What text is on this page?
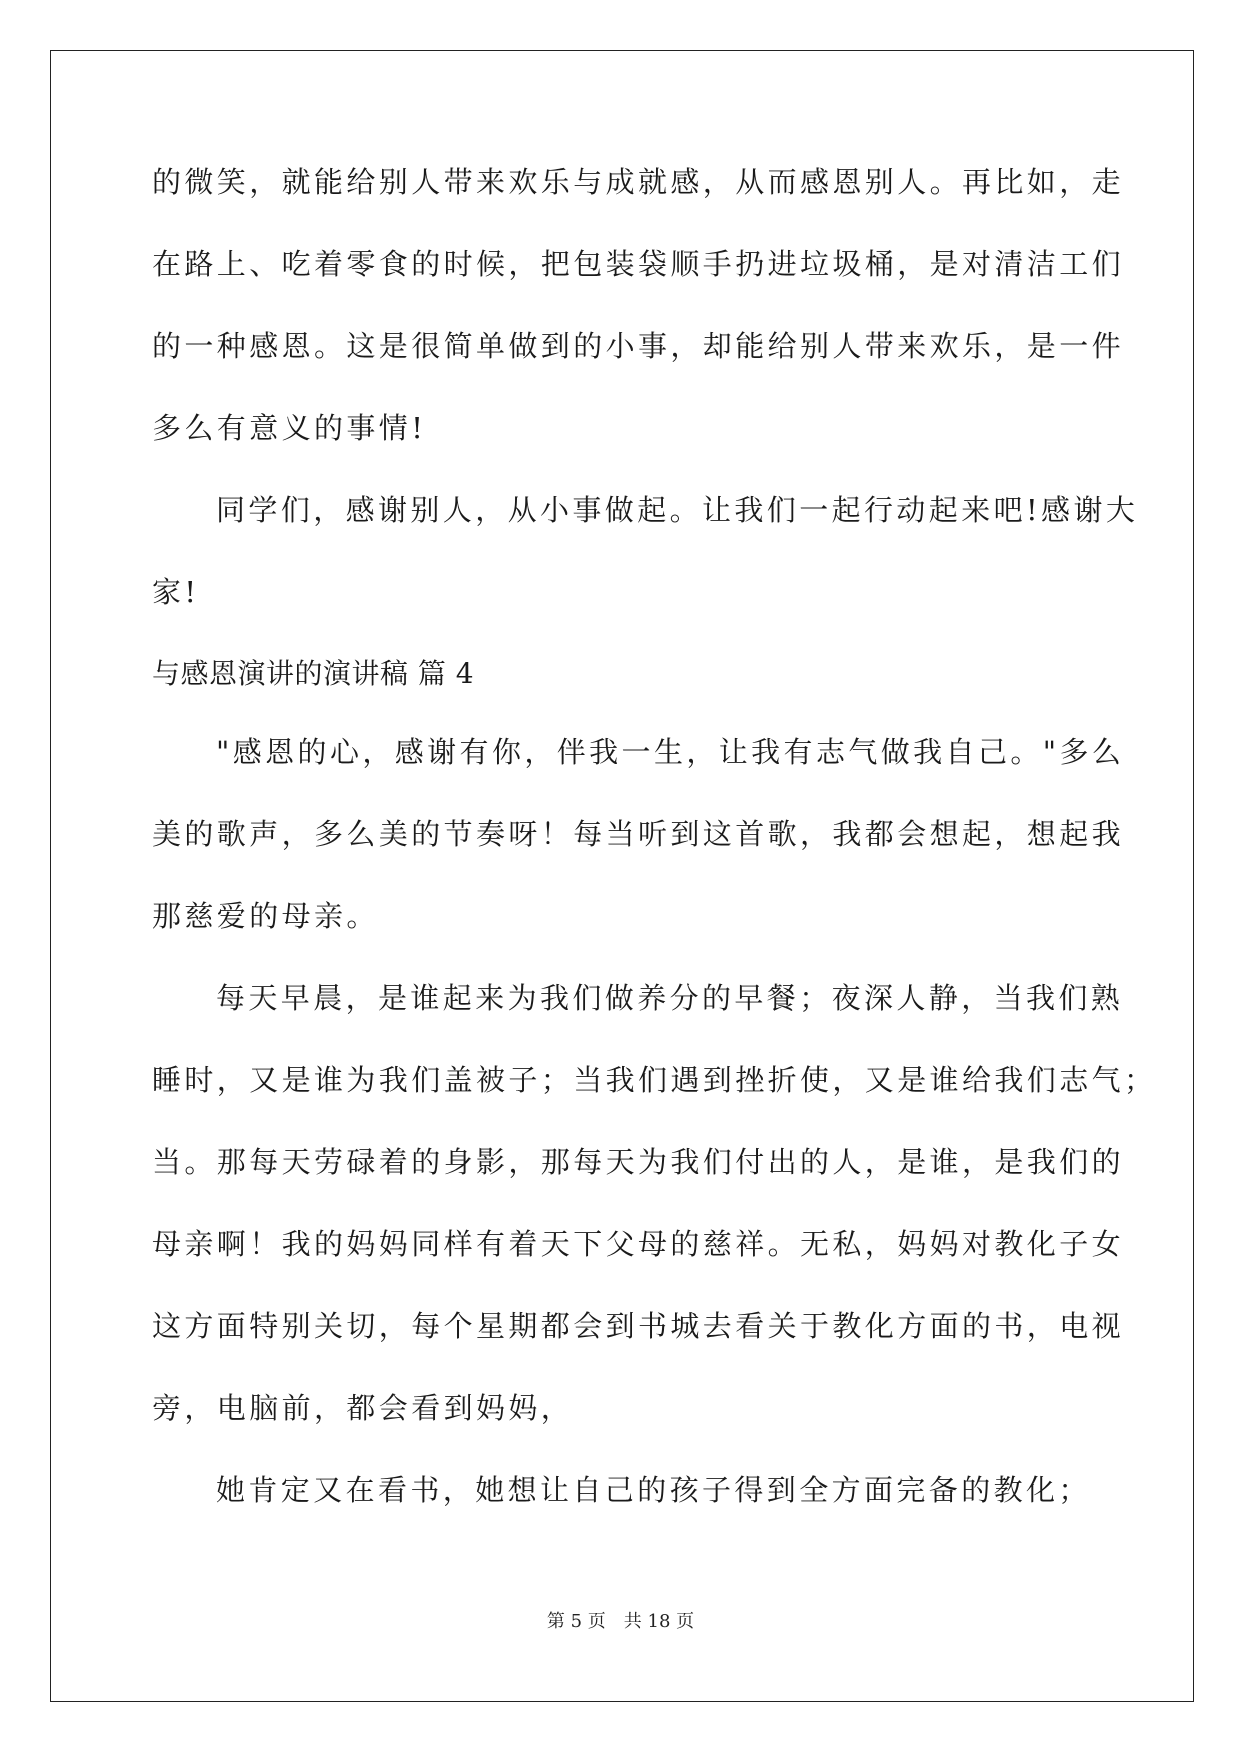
的微笑，就能给别人带来欢乐与成就感，从而感恩别人。再比如，走
在路上、吃着零食的时候，把包装袋顺手扔进垃圾桶，是对清洁工们
的一种感恩。这是很简单做到的小事，却能给别人带来欢乐，是一件
多么有意义的事情!
同学们，感谢别人，从小事做起。让我们一起行动起来吧!感谢大
家!
与感恩演讲的演讲稿 篇 4
"感恩的心，感谢有你，伴我一生，让我有志气做我自己。"多么
美的歌声，多么美的节奏呀！每当听到这首歌，我都会想起，想起我
那慈爱的母亲。
每天早晨，是谁起来为我们做养分的早餐；夜深人静，当我们熟
睡时，又是谁为我们盖被子；当我们遇到挫折使，又是谁给我们志气；
当。那每天劳碌着的身影，那每天为我们付出的人，是谁，是我们的
母亲啊！我的妈妈同样有着天下父母的慈祥。无私，妈妈对教化子女
这方面特别关切，每个星期都会到书城去看关于教化方面的书，电视
旁，电脑前，都会看到妈妈，
她肯定又在看书，她想让自己的孩子得到全方面完备的教化；
第 5 页 共 18 页
